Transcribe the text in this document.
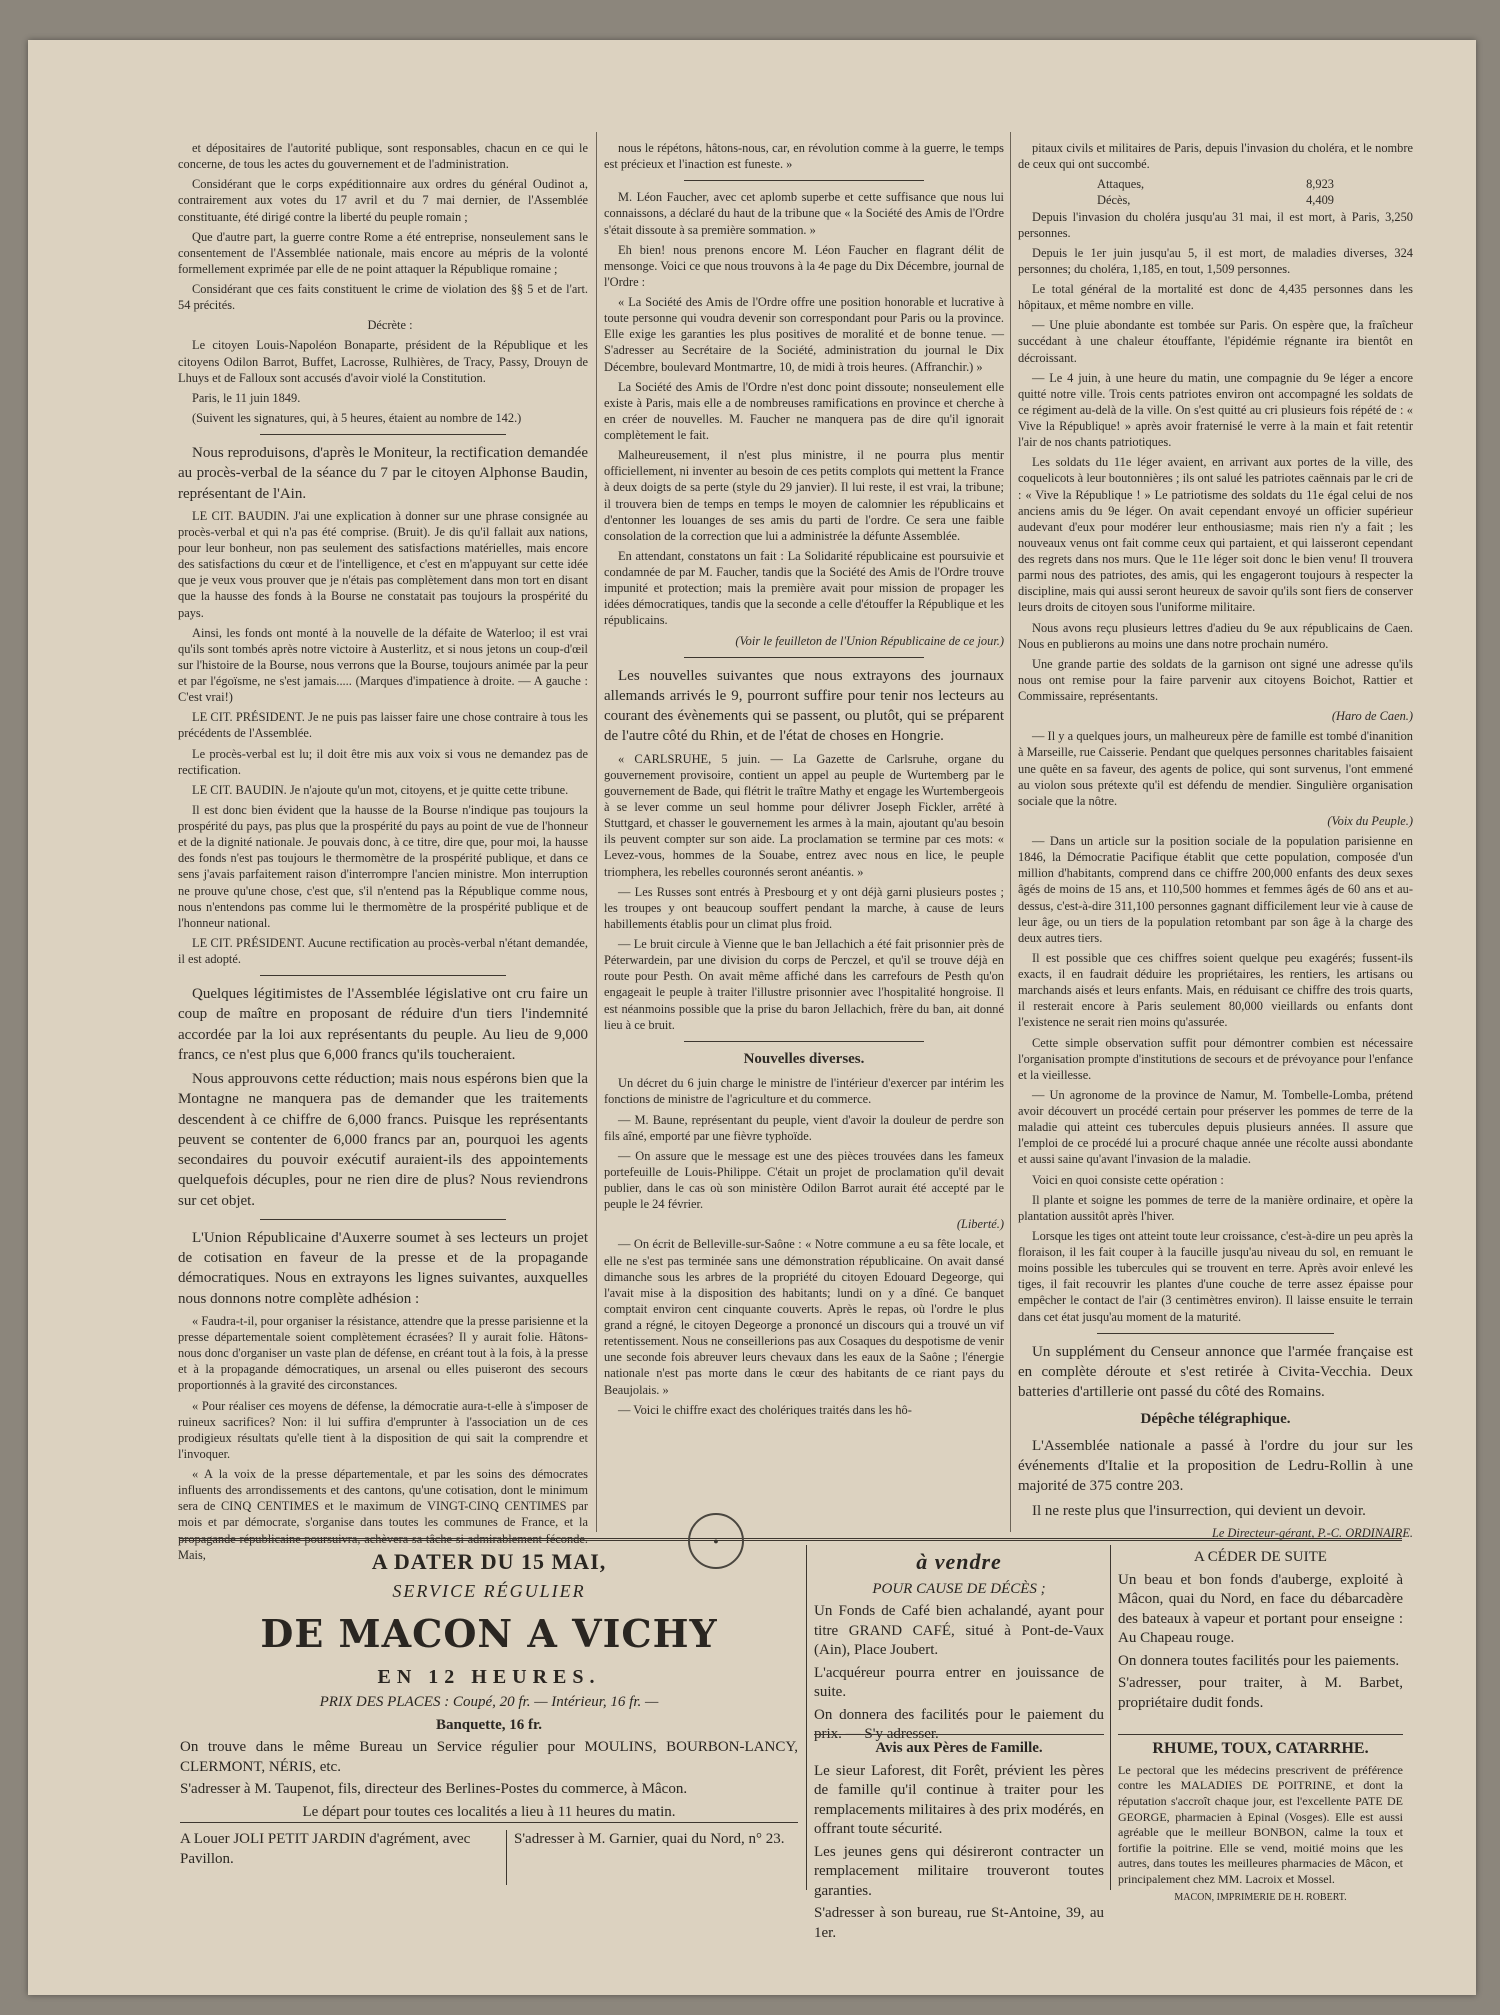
et dépositaires de l'autorité publique, sont responsables, chacun en ce qui le concerne, de tous les actes du gouvernement et de l'administration.

Considérant que le corps expéditionnaire aux ordres du général Oudinot a, contrairement aux votes du 17 avril et du 7 mai dernier, de l'Assemblée constituante, été dirigé contre la liberté du peuple romain ;

Que d'autre part, la guerre contre Rome a été entreprise, nonseulement sans le consentement de l'Assemblée nationale, mais encore au mépris de la volonté formellement exprimée par elle de ne point attaquer la République romaine ;

Considérant que ces faits constituent le crime de violation des §§ 5 et de l'art. 54 précités.

Décrète :

Le citoyen Louis-Napoléon Bonaparte, président de la République et les citoyens Odilon Barrot, Buffet, Lacrosse, Rulhières, de Tracy, Passy, Drouyn de Lhuys et de Falloux sont accusés d'avoir violé la Constitution.

Paris, le 11 juin 1849.

(Suivent les signatures, qui, à 5 heures, étaient au nombre de 142.)

Nous reproduisons, d'après le Moniteur, la rectification demandée au procès-verbal de la séance du 7 par le citoyen Alphonse Baudin, représentant de l'Ain.

LE CIT. BAUDIN. J'ai une explication à donner sur une phrase consignée au procès-verbal et qui n'a pas été comprise. (Bruit). Je dis qu'il fallait aux nations, pour leur bonheur, non pas seulement des satisfactions matérielles, mais encore des satisfactions du cœur et de l'intelligence, et c'est en m'appuyant sur cette idée que je veux vous prouver que je n'étais pas complètement dans mon tort en disant que la hausse des fonds à la Bourse ne constatait pas toujours la prospérité du pays.

Ainsi, les fonds ont monté à la nouvelle de la défaite de Waterloo; il est vrai qu'ils sont tombés après notre victoire à Austerlitz, et si nous jetons un coup-d'œil sur l'histoire de la Bourse, nous verrons que la Bourse, toujours animée par la peur et par l'égoïsme, ne s'est jamais..... (Marques d'impatience à droite. — A gauche : C'est vrai!)

LE CIT. PRÉSIDENT. Je ne puis pas laisser faire une chose contraire à tous les précédents de l'Assemblée.

Le procès-verbal est lu; il doit être mis aux voix si vous ne demandez pas de rectification.

LE CIT. BAUDIN. Je n'ajoute qu'un mot, citoyens, et je quitte cette tribune.

Il est donc bien évident que la hausse de la Bourse n'indique pas toujours la prospérité du pays, pas plus que la prospérité du pays au point de vue de l'honneur et de la dignité nationale. Je pouvais donc, à ce titre, dire que, pour moi, la hausse des fonds n'est pas toujours le thermomètre de la prospérité publique, et dans ce sens j'avais parfaitement raison d'interrompre l'ancien ministre. Mon interruption ne prouve qu'une chose, c'est que, s'il n'entend pas la République comme nous, nous n'entendons pas comme lui le thermomètre de la prospérité publique et de l'honneur national.

LE CIT. PRÉSIDENT. Aucune rectification au procès-verbal n'étant demandée, il est adopté.

Quelques légitimistes de l'Assemblée législative ont cru faire un coup de maître en proposant de réduire d'un tiers l'indemnité accordée par la loi aux représentants du peuple. Au lieu de 9,000 francs, ce n'est plus que 6,000 francs qu'ils toucheraient.

Nous approuvons cette réduction; mais nous espérons bien que la Montagne ne manquera pas de demander que les traitements descendent à ce chiffre de 6,000 francs. Puisque les représentants peuvent se contenter de 6,000 francs par an, pourquoi les agents secondaires du pouvoir exécutif auraient-ils des appointements quelquefois décuples, pour ne rien dire de plus? Nous reviendrons sur cet objet.

L'Union Républicaine d'Auxerre soumet à ses lecteurs un projet de cotisation en faveur de la presse et de la propagande démocratiques. Nous en extrayons les lignes suivantes, auxquelles nous donnons notre complète adhésion :

« Faudra-t-il, pour organiser la résistance, attendre que la presse parisienne et la presse départementale soient complètement écrasées? Il y aurait folie. Hâtons-nous donc d'organiser un vaste plan de défense, en créant tout à la fois, à la presse et à la propagande démocratiques, un arsenal ou elles puiseront des secours proportionnés à la gravité des circonstances.

« Pour réaliser ces moyens de défense, la démocratie aura-t-elle à s'imposer de ruineux sacrifices? Non: il lui suffira d'emprunter à l'association un de ces prodigieux résultats qu'elle tient à la disposition de qui sait la comprendre et l'invoquer.

« A la voix de la presse départementale, et par les soins des démocrates influents des arrondissements et des cantons, qu'une cotisation, dont le minimum sera de CINQ CENTIMES et le maximum de VINGT-CINQ CENTIMES par mois et par démocrate, s'organise dans toutes les communes de France, et la propagande républicaine poursuivra, achèvera sa tâche si admirablement féconde. Mais,

nous le répétons, hâtons-nous, car, en révolution comme à la guerre, le temps est précieux et l'inaction est funeste. »

M. Léon Faucher, avec cet aplomb superbe et cette suffisance que nous lui connaissons, a déclaré du haut de la tribune que « la Société des Amis de l'Ordre s'était dissoute à sa première sommation. »

Eh bien! nous prenons encore M. Léon Faucher en flagrant délit de mensonge. Voici ce que nous trouvons à la 4e page du Dix Décembre, journal de l'Ordre :

« La Société des Amis de l'Ordre offre une position honorable et lucrative à toute personne qui voudra devenir son correspondant pour Paris ou la province. Elle exige les garanties les plus positives de moralité et de bonne tenue. — S'adresser au Secrétaire de la Société, administration du journal le Dix Décembre, boulevard Montmartre, 10, de midi à trois heures. (Affranchir.) »

La Société des Amis de l'Ordre n'est donc point dissoute; nonseulement elle existe à Paris, mais elle a de nombreuses ramifications en province et cherche à en créer de nouvelles. M. Faucher ne manquera pas de dire qu'il ignorait complètement le fait.

Malheureusement, il n'est plus ministre, il ne pourra plus mentir officiellement, ni inventer au besoin de ces petits complots qui mettent la France à deux doigts de sa perte (style du 29 janvier). Il lui reste, il est vrai, la tribune; il trouvera bien de temps en temps le moyen de calomnier les républicains et d'entonner les louanges de ses amis du parti de l'ordre. Ce sera une faible consolation de la correction que lui a administrée la défunte Assemblée.

En attendant, constatons un fait : La Solidarité républicaine est poursuivie et condamnée de par M. Faucher, tandis que la Société des Amis de l'Ordre trouve impunité et protection; mais la première avait pour mission de propager les idées démocratiques, tandis que la seconde a celle d'étouffer la République et les républicains.

(Voir le feuilleton de l'Union Républicaine de ce jour.)

Les nouvelles suivantes que nous extrayons des journaux allemands arrivés le 9, pourront suffire pour tenir nos lecteurs au courant des évènements qui se passent, ou plutôt, qui se préparent de l'autre côté du Rhin, et de l'état de choses en Hongrie.

« CARLSRUHE, 5 juin. — La Gazette de Carlsruhe, organe du gouvernement provisoire, contient un appel au peuple de Wurtemberg par le gouvernement de Bade, qui flétrit le traître Mathy et engage les Wurtembergeois à se lever comme un seul homme pour délivrer Joseph Fickler, arrêté à Stuttgard, et chasser le gouvernement les armes à la main, ajoutant qu'au besoin ils peuvent compter sur son aide. La proclamation se termine par ces mots: « Levez-vous, hommes de la Souabe, entrez avec nous en lice, le peuple triomphera, les rebelles couronnés seront anéantis. »

— Les Russes sont entrés à Presbourg et y ont déjà garni plusieurs postes ; les troupes y ont beaucoup souffert pendant la marche, à cause de leurs habillements établis pour un climat plus froid.

— Le bruit circule à Vienne que le ban Jellachich a été fait prisonnier près de Péterwardein, par une division du corps de Perczel, et qu'il se trouve déjà en route pour Pesth. On avait même affiché dans les carrefours de Pesth qu'on engageait le peuple à traiter l'illustre prisonnier avec l'hospitalité hongroise. Il est néanmoins possible que la prise du baron Jellachich, frère du ban, ait donné lieu à ce bruit.

Nouvelles diverses.

Un décret du 6 juin charge le ministre de l'intérieur d'exercer par intérim les fonctions de ministre de l'agriculture et du commerce.

— M. Baune, représentant du peuple, vient d'avoir la douleur de perdre son fils aîné, emporté par une fièvre typhoïde.

— On assure que le message est une des pièces trouvées dans les fameux portefeuille de Louis-Philippe. C'était un projet de proclamation qu'il devait publier, dans le cas où son ministère Odilon Barrot aurait été accepté par le peuple le 24 février.

(Liberté.)

— On écrit de Belleville-sur-Saône : « Notre commune a eu sa fête locale, et elle ne s'est pas terminée sans une démonstration républicaine. On avait dansé dimanche sous les arbres de la propriété du citoyen Edouard Degeorge, qui l'avait mise à la disposition des habitants; lundi on y a dîné. Ce banquet comptait environ cent cinquante couverts. Après le repas, où l'ordre le plus grand a régné, le citoyen Degeorge a prononcé un discours qui a trouvé un vif retentissement. Nous ne conseillerions pas aux Cosaques du despotisme de venir une seconde fois abreuver leurs chevaux dans les eaux de la Saône ; l'énergie nationale n'est pas morte dans le cœur des habitants de ce riant pays du Beaujolais. »

— Voici le chiffre exact des cholériques traités dans les hô-

pitaux civils et militaires de Paris, depuis l'invasion du choléra, et le nombre de ceux qui ont succombé.

Attaques,	8,923

Décès,	4,409

Depuis l'invasion du choléra jusqu'au 31 mai, il est mort, à Paris, 3,250 personnes.

Depuis le 1er juin jusqu'au 5, il est mort, de maladies diverses, 324 personnes; du choléra, 1,185, en tout, 1,509 personnes.

Le total général de la mortalité est donc de 4,435 personnes dans les hôpitaux, et même nombre en ville.

— Une pluie abondante est tombée sur Paris. On espère que, la fraîcheur succédant à une chaleur étouffante, l'épidémie régnante ira bientôt en décroissant.

— Le 4 juin, à une heure du matin, une compagnie du 9e léger a encore quitté notre ville. Trois cents patriotes environ ont accompagné les soldats de ce régiment au-delà de la ville. On s'est quitté au cri plusieurs fois répété de : « Vive la République! » après avoir fraternisé le verre à la main et fait retentir l'air de nos chants patriotiques.

Les soldats du 11e léger avaient, en arrivant aux portes de la ville, des coquelicots à leur boutonnières ; ils ont salué les patriotes caënnais par le cri de : « Vive la République ! » Le patriotisme des soldats du 11e égal celui de nos anciens amis du 9e léger. On avait cependant envoyé un officier supérieur audevant d'eux pour modérer leur enthousiasme; mais rien n'y a fait ; les nouveaux venus ont fait comme ceux qui partaient, et qui laisseront cependant des regrets dans nos murs. Que le 11e léger soit donc le bien venu! Il trouvera parmi nous des patriotes, des amis, qui les engageront toujours à respecter la discipline, mais qui aussi seront heureux de savoir qu'ils sont fiers de conserver leurs droits de citoyen sous l'uniforme militaire.

Nous avons reçu plusieurs lettres d'adieu du 9e aux républicains de Caen. Nous en publierons au moins une dans notre prochain numéro.

Une grande partie des soldats de la garnison ont signé une adresse qu'ils nous ont remise pour la faire parvenir aux citoyens Boichot, Rattier et Commissaire, représentants.

(Haro de Caen.)

— Il y a quelques jours, un malheureux père de famille est tombé d'inanition à Marseille, rue Caisserie. Pendant que quelques personnes charitables faisaient une quête en sa faveur, des agents de police, qui sont survenus, l'ont emmené au violon sous prétexte qu'il est défendu de mendier. Singulière organisation sociale que la nôtre.

(Voix du Peuple.)

— Dans un article sur la position sociale de la population parisienne en 1846, la Démocratie Pacifique établit que cette population, composée d'un million d'habitants, comprend dans ce chiffre 200,000 enfants des deux sexes âgés de moins de 15 ans, et 110,500 hommes et femmes âgés de 60 ans et au-dessus, c'est-à-dire 311,100 personnes gagnant difficilement leur vie à cause de leur âge, ou un tiers de la population retombant par son âge à la charge des deux autres tiers.

Il est possible que ces chiffres soient quelque peu exagérés; fussent-ils exacts, il en faudrait déduire les propriétaires, les rentiers, les artisans ou marchands aisés et leurs enfants. Mais, en réduisant ce chiffre des trois quarts, il resterait encore à Paris seulement 80,000 vieillards ou enfants dont l'existence ne serait rien moins qu'assurée.

Cette simple observation suffit pour démontrer combien est nécessaire l'organisation prompte d'institutions de secours et de prévoyance pour l'enfance et la vieillesse.

— Un agronome de la province de Namur, M. Tombelle-Lomba, prétend avoir découvert un procédé certain pour préserver les pommes de terre de la maladie qui atteint ces tubercules depuis plusieurs années. Il assure que l'emploi de ce procédé lui a procuré chaque année une récolte aussi abondante et aussi saine qu'avant l'invasion de la maladie.

Voici en quoi consiste cette opération :

Il plante et soigne les pommes de terre de la manière ordinaire, et opère la plantation aussitôt après l'hiver.

Lorsque les tiges ont atteint toute leur croissance, c'est-à-dire un peu après la floraison, il les fait couper à la faucille jusqu'au niveau du sol, en remuant le moins possible les tubercules qui se trouvent en terre. Après avoir enlevé les tiges, il fait recouvrir les plantes d'une couche de terre assez épaisse pour empêcher le contact de l'air (3 centimètres environ). Il laisse ensuite le terrain dans cet état jusqu'au moment de la maturité.

Un supplément du Censeur annonce que l'armée française est en complète déroute et s'est retirée à Civita-Vecchia. Deux batteries d'artillerie ont passé du côté des Romains.

Dépêche télégraphique.

L'Assemblée nationale a passé à l'ordre du jour sur les événements d'Italie et la proposition de Ledru-Rollin à une majorité de 375 contre 203.

Il ne reste plus que l'insurrection, qui devient un devoir.

Le Directeur-gérant, P.-C. ORDINAIRE.

A DATER DU 15 MAI,

SERVICE RÉGULIER

DE MACON A VICHY

EN 12 HEURES.

PRIX DES PLACES : Coupé, 20 fr. — Intérieur, 16 fr. —

Banquette, 16 fr.

On trouve dans le même Bureau un Service régulier pour MOULINS, BOURBON-LANCY, CLERMONT, NÉRIS, etc.

S'adresser à M. Taupenot, fils, directeur des Berlines-Postes du commerce, à Mâcon.

Le départ pour toutes ces localités a lieu à 11 heures du matin.

●

A Louer JOLI PETIT JARDIN d'agrément, avec Pavillon.

S'adresser à M. Garnier, quai du Nord, n° 23.

à vendre

POUR CAUSE DE DÉCÈS ;

Un Fonds de Café bien achalandé, ayant pour titre GRAND CAFÉ, situé à Pont-de-Vaux (Ain), Place Joubert.

L'acquéreur pourra entrer en jouissance de suite.

On donnera des facilités pour le paiement du prix. — S'y adresser.

Avis aux Pères de Famille.

Le sieur Laforest, dit Forêt, prévient les pères de famille qu'il continue à traiter pour les remplacements militaires à des prix modérés, en offrant toute sécurité.

Les jeunes gens qui désireront contracter un remplacement militaire trouveront toutes garanties.

S'adresser à son bureau, rue St-Antoine, 39, au 1er.

A CÉDER DE SUITE

Un beau et bon fonds d'auberge, exploité à Mâcon, quai du Nord, en face du débarcadère des bateaux à vapeur et portant pour enseigne : Au Chapeau rouge.

On donnera toutes facilités pour les paiements.

S'adresser, pour traiter, à M. Barbet, propriétaire dudit fonds.

RHUME, TOUX, CATARRHE.

Le pectoral que les médecins prescrivent de préférence contre les MALADIES DE POITRINE, et dont la réputation s'accroît chaque jour, est l'excellente PATE DE GEORGE, pharmacien à Epinal (Vosges). Elle est aussi agréable que le meilleur BONBON, calme la toux et fortifie la poitrine. Elle se vend, moitié moins que les autres, dans toutes les meilleures pharmacies de Mâcon, et principalement chez MM. Lacroix et Mossel.

MACON, IMPRIMERIE DE H. ROBERT.
